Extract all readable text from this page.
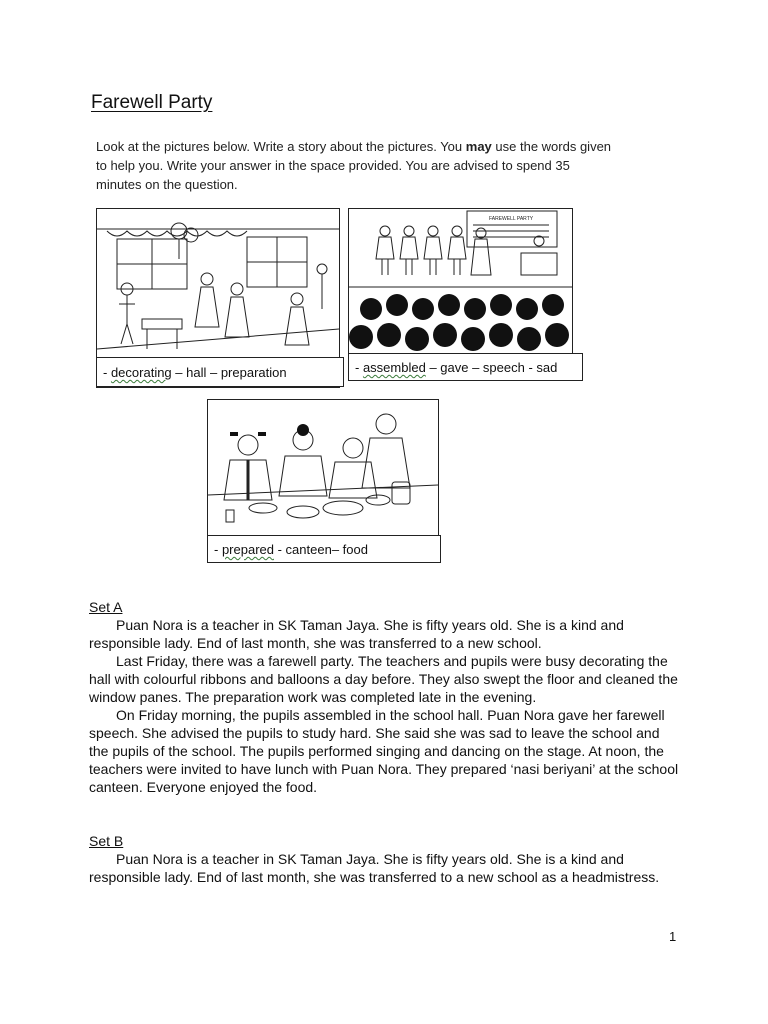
Farewell Party
Look at the pictures below. Write a story about the pictures. You may use the words given to help you. Write your answer in the space provided. You are advised to spend 35 minutes on the question.
- decorating – hall – preparation
FAREWELL PARTY
- assembled – gave – speech - sad
- prepared - canteen– food
Set A

Puan Nora is a teacher in SK Taman Jaya. She is fifty years old. She is a kind and responsible lady. End of last month, she was transferred to a new school.

Last Friday, there was a farewell party. The teachers and pupils were busy decorating the hall with colourful ribbons and balloons a day before. They also swept the floor and cleaned the window panes. The preparation work was completed late in the evening.

On Friday morning, the pupils assembled in the school hall. Puan Nora gave her farewell speech. She advised the pupils to study hard. She said she was sad to leave the school and the pupils of the school. The pupils performed singing and dancing on the stage. At noon, the teachers were invited to have lunch with Puan Nora. They prepared ‘nasi beriyani’ at the school canteen. Everyone enjoyed the food.

Set B

Puan Nora is a teacher in SK Taman Jaya. She is fifty years old. She is a kind and responsible lady. End of last month, she was transferred to a new school as a headmistress.

1
